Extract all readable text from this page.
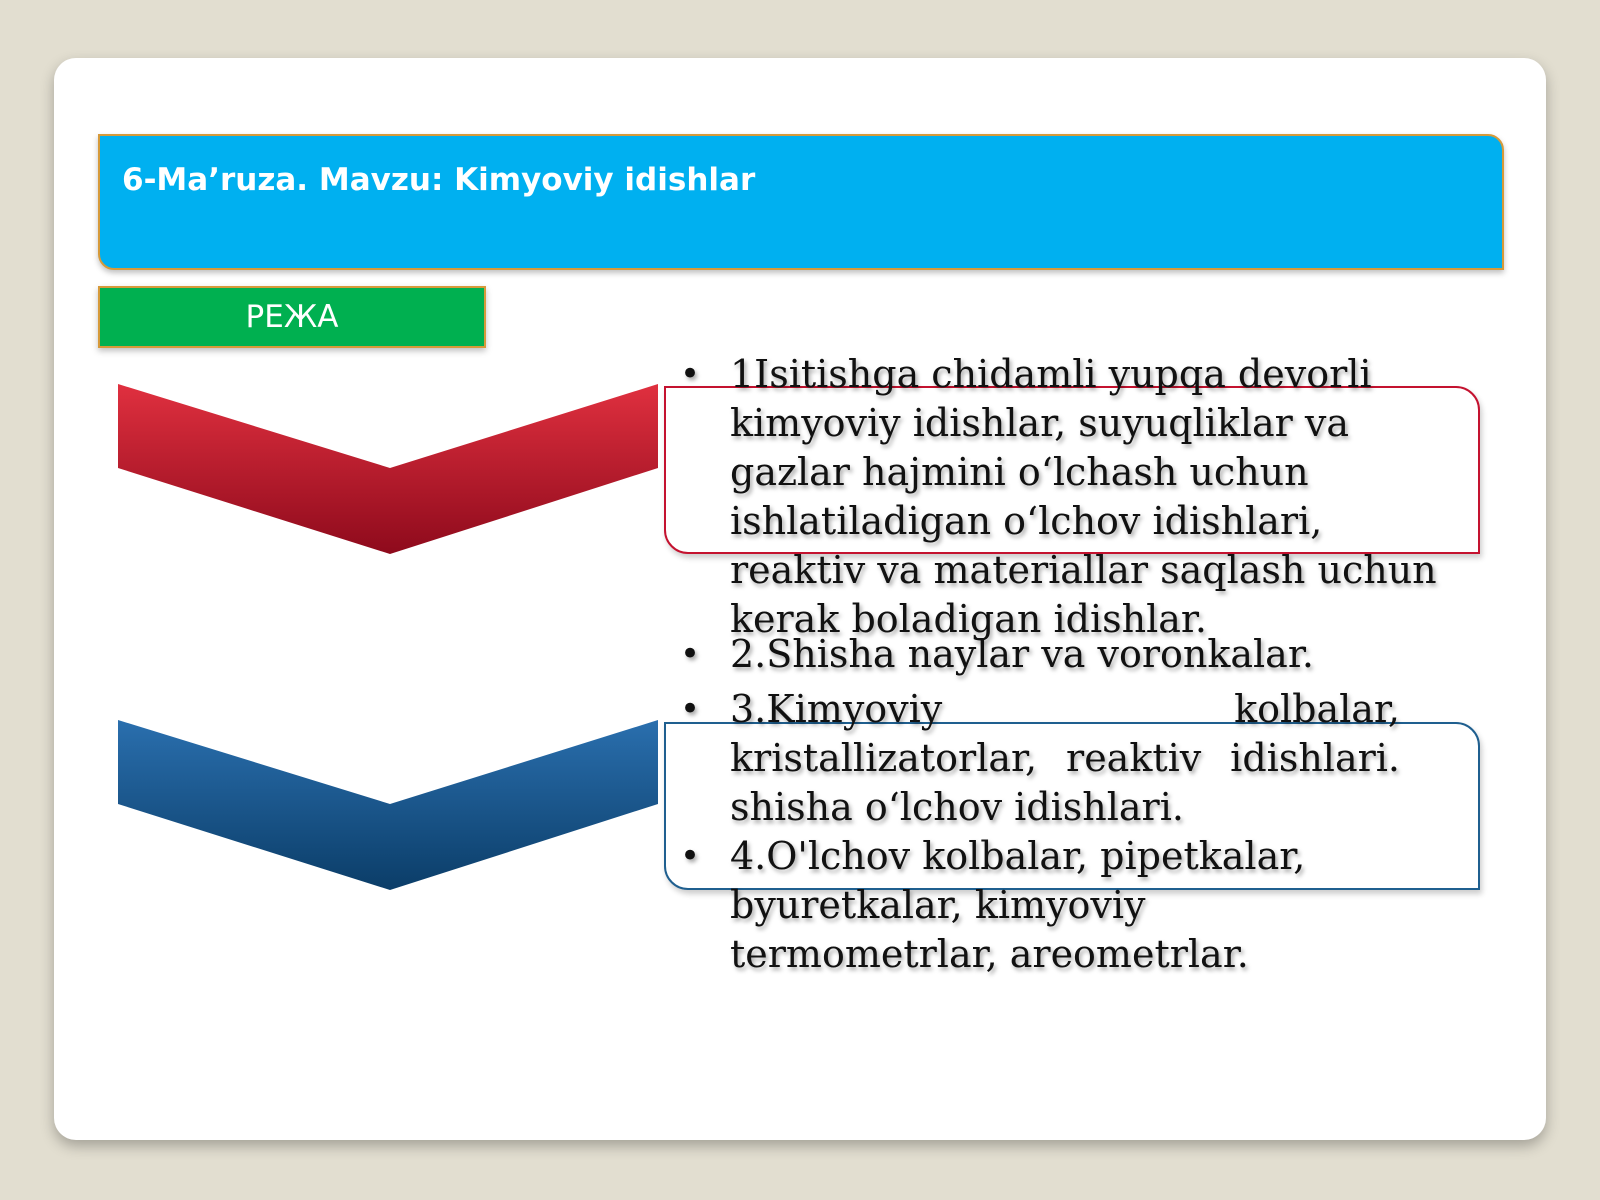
6-Ma’ruza. Mavzu: Kimyoviy idishlar
РЕЖА
• 1Isitishga chidamli yupqa devorli kimyoviy idishlar, suyuqliklar va gazlar hajmini o‘lchash uchun ishlatiladigan o‘lchov idishlari, reaktiv va materiallar saqlash uchun kerak boladigan idishlar.
• 2.Shisha naylar va voronkalar.
• 3.Kimyoviy kolbalar, kristallizatorlar, reaktiv idishlari. shisha o‘lchov idishlari.
• 4.O'lchov kolbalar, pipetkalar, byuretkalar, kimyoviy termometrlar, areometrlar.
